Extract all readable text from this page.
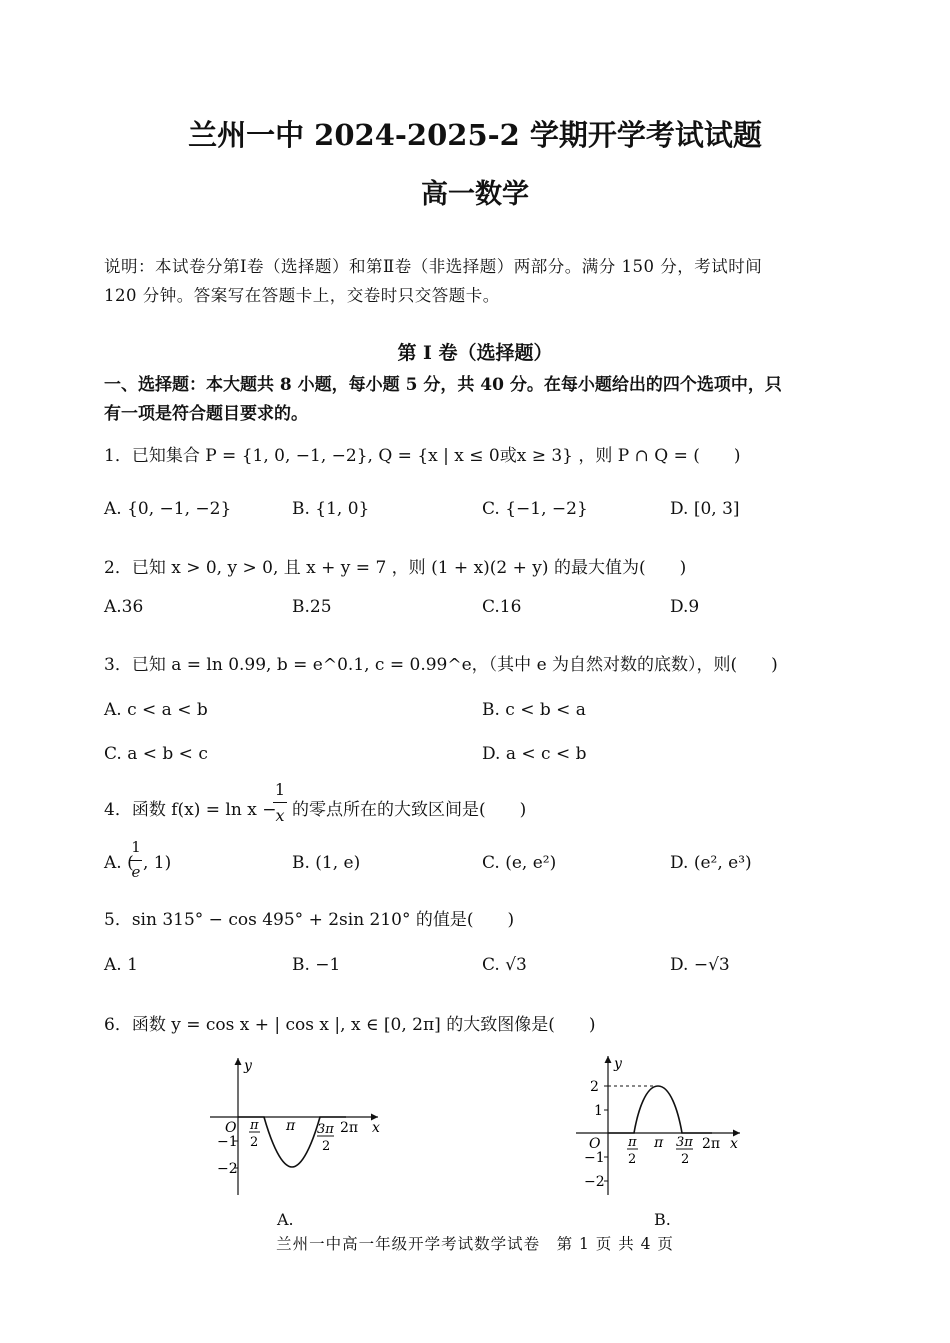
兰州一中 2024-2025-2 学期开学考试试题
高一数学
说明：本试卷分第Ⅰ卷（选择题）和第Ⅱ卷（非选择题）两部分。满分 150 分，考试时间
120 分钟。答案写在答题卡上，交卷时只交答题卡。
第 I 卷（选择题）
一、选择题：本大题共 8 小题，每小题 5 分，共 40 分。在每小题给出的四个选项中，只
有一项是符合题目要求的。
1．已知集合 P = {1, 0, −1, −2}, Q = {x | x ≤ 0或x ≥ 3} ，则 P ∩ Q = (　　)
A. {0, −1, −2}	B. {1, 0}	C. {−1, −2}	D. [0, 3]
2．已知 x > 0, y > 0, 且 x + y = 7 ，则 (1 + x)(2 + y) 的最大值为(　　)
A.36	B.25	C.16	D.9
3．已知 a = ln 0.99, b = e^0.1, c = 0.99^e，（其中 e 为自然对数的底数），则(　　)
A. c < a < b	B. c < b < a
C. a < b < c	D. a < c < b
4．函数 f(x) = ln x −
1
x 的零点所在的大致区间是(　　)
A. (
1
e , 1)	B. (1, e)	C. (e, e²)	D. (e², e³)
5．sin 315° − cos 495° + 2sin 210° 的值是(　　)
A. 1	B. −1	C. √3	D. −√3
6．函数 y = cos x + | cos x |, x ∈ [0, 2π] 的大致图像是(　　)
y
x
O
−1
−2
π
2
π 3π
2
2π
A.
y
x
2
1
O
−1
−2
π
2
π 3π
2
2π
B.
兰州一中高一年级开学考试数学试卷　第 1 页 共 4 页
